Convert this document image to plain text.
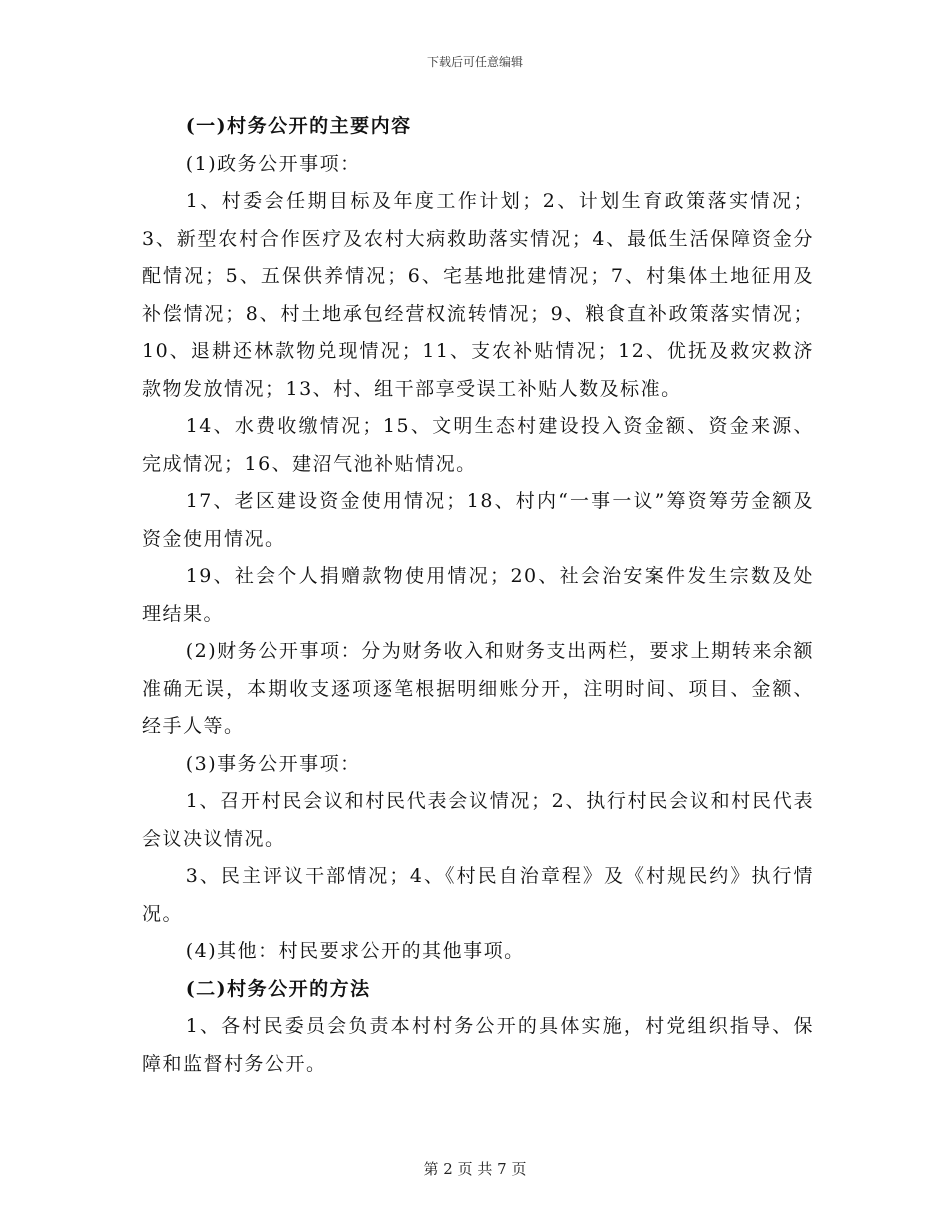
下载后可任意编辑

(一)村务公开的主要内容

(1)政务公开事项：

1、村委会任期目标及年度工作计划；2、计划生育政策落实情况；3、新型农村合作医疗及农村大病救助落实情况；4、最低生活保障资金分配情况；5、五保供养情况；6、宅基地批建情况；7、村集体土地征用及补偿情况；8、村土地承包经营权流转情况；9、粮食直补政策落实情况；10、退耕还林款物兑现情况；11、支农补贴情况；12、优抚及救灾救济款物发放情况；13、村、组干部享受误工补贴人数及标准。

14、水费收缴情况；15、文明生态村建设投入资金额、资金来源、完成情况；16、建沼气池补贴情况。

17、老区建设资金使用情况；18、村内“一事一议”筹资筹劳金额及资金使用情况。

19、社会个人捐赠款物使用情况；20、社会治安案件发生宗数及处理结果。

(2)财务公开事项：分为财务收入和财务支出两栏，要求上期转来余额准确无误，本期收支逐项逐笔根据明细账分开，注明时间、项目、金额、经手人等。

(3)事务公开事项：

1、召开村民会议和村民代表会议情况；2、执行村民会议和村民代表会议决议情况。

3、民主评议干部情况；4、《村民自治章程》及《村规民约》执行情况。

(4)其他：村民要求公开的其他事项。

(二)村务公开的方法

1、各村民委员会负责本村村务公开的具体实施，村党组织指导、保障和监督村务公开。

第 2 页 共 7 页
